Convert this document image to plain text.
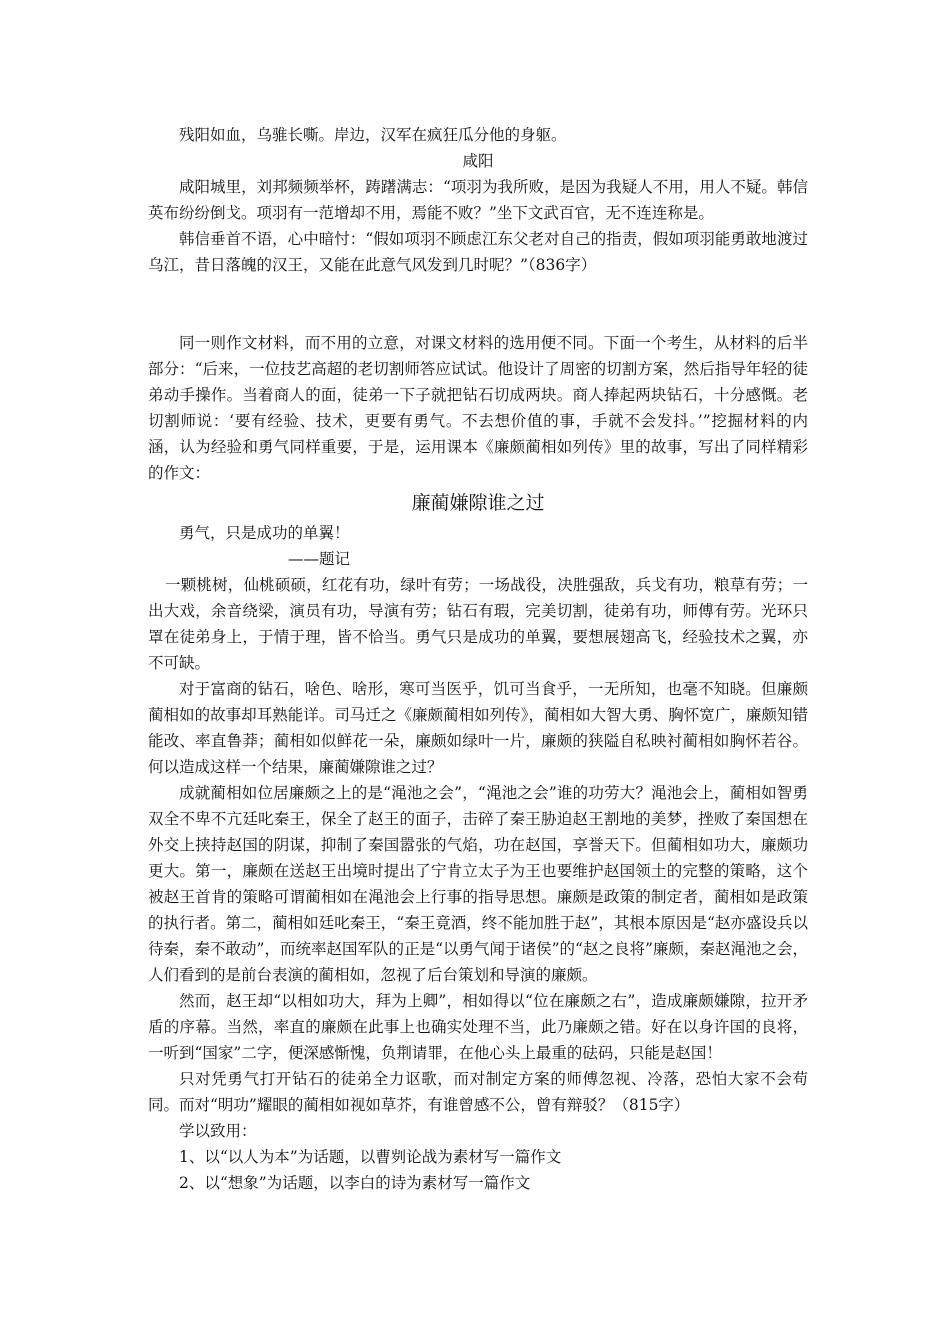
残阳如血，乌骓长嘶。岸边，汉军在疯狂瓜分他的身躯。

咸阳

咸阳城里，刘邦频频举杯，踌躇满志：“项羽为我所败，是因为我疑人不用，用人不疑。韩信英布纷纷倒戈。项羽有一范增却不用，焉能不败？”坐下文武百官，无不连连称是。

韩信垂首不语，心中暗忖：“假如项羽不顾虑江东父老对自己的指责，假如项羽能勇敢地渡过乌江，昔日落魄的汉王，又能在此意气风发到几时呢？”（836字）

同一则作文材料，而不用的立意，对课文材料的选用便不同。下面一个考生，从材料的后半部分：“后来，一位技艺高超的老切割师答应试试。他设计了周密的切割方案，然后指导年轻的徒弟动手操作。当着商人的面，徒弟一下子就把钻石切成两块。商人捧起两块钻石，十分感慨。老切割师说：‘要有经验、技术，更要有勇气。不去想价值的事，手就不会发抖。’”挖掘材料的内涵，认为经验和勇气同样重要，于是，运用课本《廉颇蔺相如列传》里的故事，写出了同样精彩的作文：

廉蔺嫌隙谁之过

勇气，只是成功的单翼！

——题记

一颗桃树，仙桃硕硕，红花有功，绿叶有劳；一场战役，决胜强敌，兵戈有功，粮草有劳；一出大戏，余音绕梁，演员有功，导演有劳；钻石有瑕，完美切割，徒弟有功，师傅有劳。光环只罩在徒弟身上，于情于理，皆不恰当。勇气只是成功的单翼，要想展翅高飞，经验技术之翼，亦不可缺。

对于富商的钻石，啥色、啥形，寒可当医乎，饥可当食乎，一无所知，也毫不知晓。但廉颇蔺相如的故事却耳熟能详。司马迁之《廉颇蔺相如列传》，蔺相如大智大勇、胸怀宽广，廉颇知错能改、率直鲁莽；蔺相如似鲜花一朵，廉颇如绿叶一片，廉颇的狭隘自私映衬蔺相如胸怀若谷。何以造成这样一个结果，廉蔺嫌隙谁之过？

成就蔺相如位居廉颇之上的是“渑池之会”，“渑池之会”谁的功劳大？渑池会上，蔺相如智勇双全不卑不亢廷叱秦王，保全了赵王的面子，击碎了秦王胁迫赵王割地的美梦，挫败了秦国想在外交上挟持赵国的阴谋，抑制了秦国嚣张的气焰，功在赵国，享誉天下。但蔺相如功大，廉颇功更大。第一，廉颇在送赵王出境时提出了宁肯立太子为王也要维护赵国领土的完整的策略，这个被赵王首肯的策略可谓蔺相如在渑池会上行事的指导思想。廉颇是政策的制定者，蔺相如是政策的执行者。第二，蔺相如廷叱秦王，“秦王竟酒，终不能加胜于赵”，其根本原因是“赵亦盛设兵以待秦，秦不敢动”，而统率赵国军队的正是“以勇气闻于诸侯”的“赵之良将”廉颇，秦赵渑池之会，人们看到的是前台表演的蔺相如，忽视了后台策划和导演的廉颇。

然而，赵王却“以相如功大，拜为上卿”，相如得以“位在廉颇之右”，造成廉颇嫌隙，拉开矛盾的序幕。当然，率直的廉颇在此事上也确实处理不当，此乃廉颇之错。好在以身许国的良将，一听到“国家”二字，便深感惭愧，负荆请罪，在他心头上最重的砝码，只能是赵国！

只对凭勇气打开钻石的徒弟全力讴歌，而对制定方案的师傅忽视、冷落，恐怕大家不会苟同。而对“明功”耀眼的蔺相如视如草芥，有谁曾感不公，曾有辩驳？（815字）

学以致用：

1、以“以人为本”为话题，以曹刿论战为素材写一篇作文

2、以“想象”为话题，以李白的诗为素材写一篇作文
